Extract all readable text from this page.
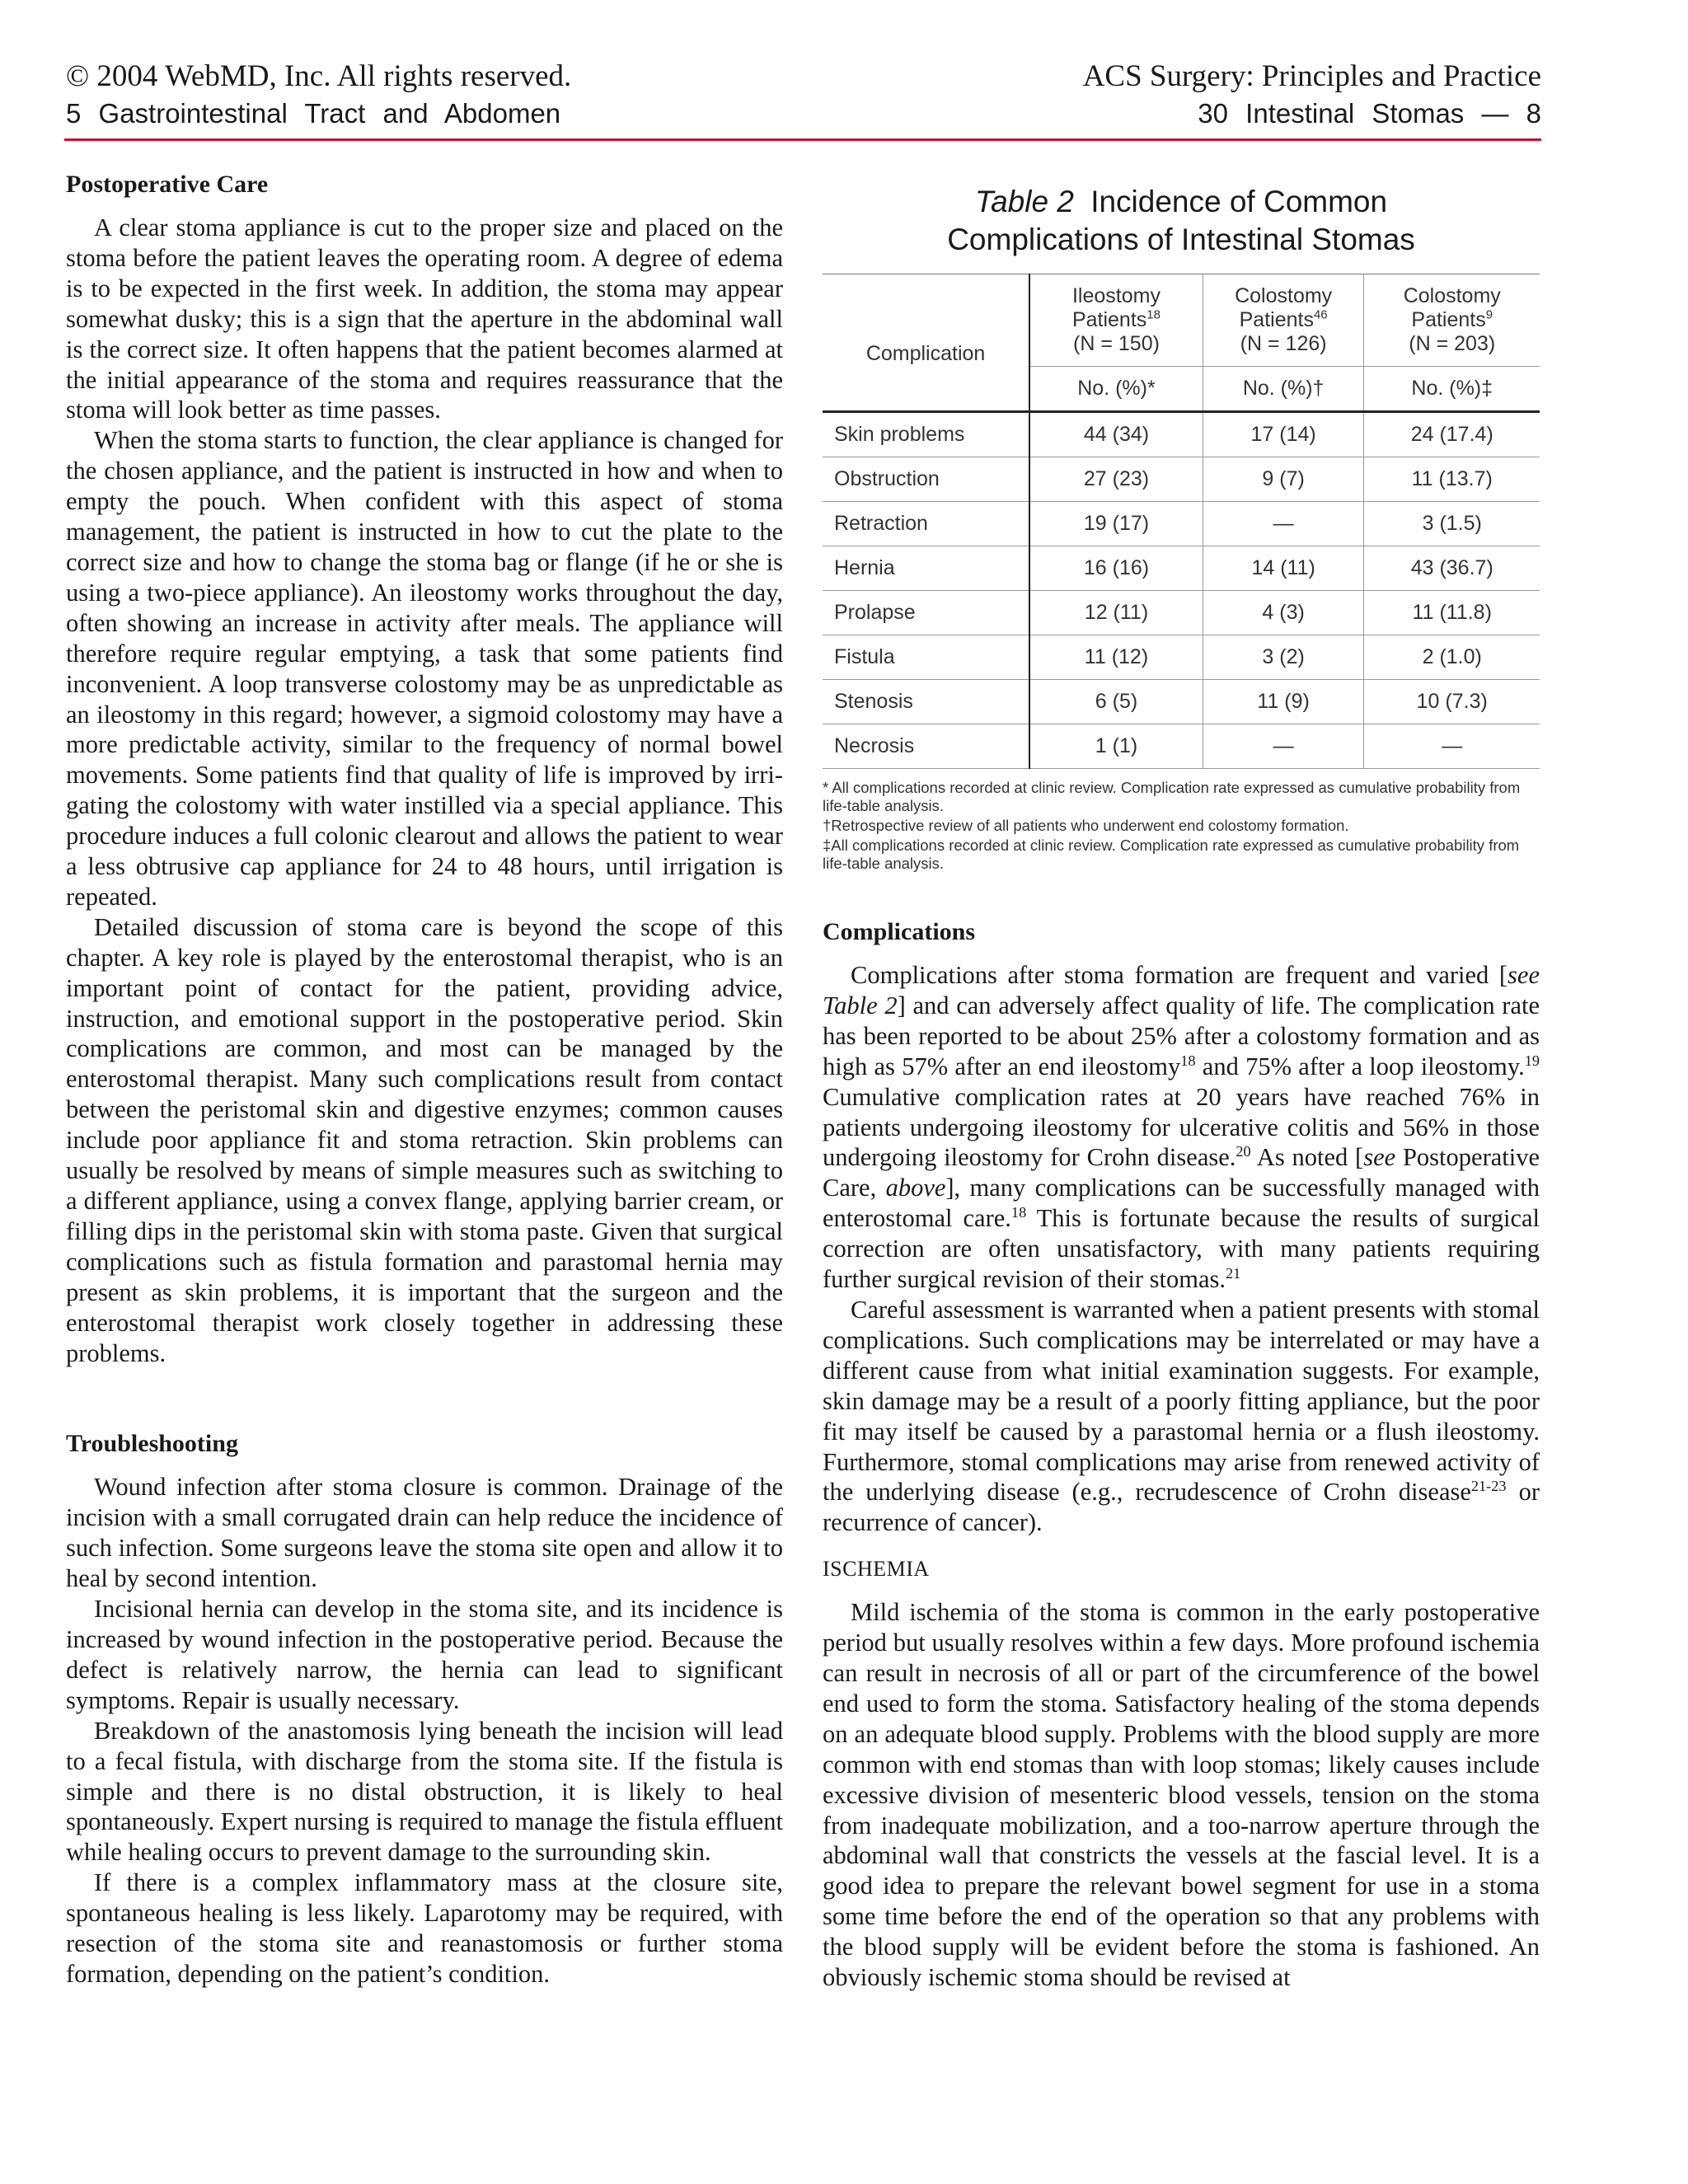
© 2004 WebMD, Inc. All rights reserved.
5 Gastrointestinal Tract and Abdomen
ACS Surgery: Principles and Practice
30 Intestinal Stomas — 8
Postoperative Care

A clear stoma appliance is cut to the proper size and placed on the stoma before the patient leaves the operating room. A degree of edema is to be expected in the first week. In addition, the stoma may appear somewhat dusky; this is a sign that the aperture in the abdominal wall is the correct size. It often happens that the patient becomes alarmed at the initial appearance of the stoma and requires reassurance that the stoma will look better as time passes.

When the stoma starts to function, the clear appliance is changed for the chosen appliance, and the patient is instructed in how and when to empty the pouch. When confident with this aspect of stoma management, the patient is instructed in how to cut the plate to the correct size and how to change the stoma bag or flange (if he or she is using a two-piece appliance). An ileostomy works throughout the day, often showing an increase in activity after meals. The appliance will therefore require regular emptying, a task that some patients find inconvenient. A loop transverse colostomy may be as unpredictable as an ileostomy in this regard; however, a sigmoid colostomy may have a more predictable activity, similar to the frequency of normal bowel movements. Some patients find that quality of life is improved by irrigating the colostomy with water instilled via a special appliance. This procedure induces a full colonic clearout and allows the patient to wear a less obtrusive cap appliance for 24 to 48 hours, until irrigation is repeated.

Detailed discussion of stoma care is beyond the scope of this chapter. A key role is played by the enterostomal therapist, who is an important point of contact for the patient, providing advice, instruction, and emotional support in the postoperative period. Skin complications are common, and most can be managed by the enterostomal therapist. Many such complications result from contact between the peristomal skin and digestive enzymes; common causes include poor appliance fit and stoma retraction. Skin problems can usually be resolved by means of simple measures such as switching to a different appliance, using a convex flange, applying barrier cream, or filling dips in the peristomal skin with stoma paste. Given that surgical complications such as fistula formation and parastomal hernia may present as skin problems, it is important that the surgeon and the enterostomal therapist work closely together in addressing these problems.

Troubleshooting

Wound infection after stoma closure is common. Drainage of the incision with a small corrugated drain can help reduce the incidence of such infection. Some surgeons leave the stoma site open and allow it to heal by second intention.

Incisional hernia can develop in the stoma site, and its incidence is increased by wound infection in the postoperative period. Because the defect is relatively narrow, the hernia can lead to significant symptoms. Repair is usually necessary.

Breakdown of the anastomosis lying beneath the incision will lead to a fecal fistula, with discharge from the stoma site. If the fistula is simple and there is no distal obstruction, it is likely to heal spontaneously. Expert nursing is required to manage the fistula effluent while healing occurs to prevent damage to the surrounding skin.

If there is a complex inflammatory mass at the closure site, spontaneous healing is less likely. Laparotomy may be required, with resection of the stoma site and reanastomosis or further stoma formation, depending on the patient’s condition.

Table 2 Incidence of Common
Complications of Intestinal Stomas
Complication	Ileostomy
Patients$^{18}$
(N = 150)	Colostomy
Patients$^{46}$
(N = 126)	Colostomy
Patients$^9$
(N = 203)
	No. (%)*	No. (%)†	No. (%)‡
Skin problems	44 (34)	17 (14)	24 (17.4)
Obstruction	27 (23)	9 (7)	11 (13.7)
Retraction	19 (17)	—	3 (1.5)
Hernia	16 (16)	14 (11)	43 (36.7)
Prolapse	12 (11)	4 (3)	11 (11.8)
Fistula	11 (12)	3 (2)	2 (1.0)
Stenosis	6 (5)	11 (9)	10 (7.3)
Necrosis	1 (1)	—	—
* All complications recorded at clinic review. Complication rate expressed as cumulative probability from life-table analysis.
†Retrospective review of all patients who underwent end colostomy formation.
‡All complications recorded at clinic review. Complication rate expressed as cumulative probability from life-table analysis.
Complications

Complications after stoma formation are frequent and varied [see Table 2] and can adversely affect quality of life. The complication rate has been reported to be about 25% after a colostomy formation and as high as 57% after an end ileostomy$^{18}$ and 75% after a loop ileostomy.$^{19}$ Cumulative complication rates at 20 years have reached 76% in patients undergoing ileostomy for ulcerative colitis and 56% in those undergoing ileostomy for Crohn disease.$^{20}$ As noted [see Postoperative Care, above], many complications can be successfully managed with enterostomal care.$^{18}$ This is fortunate because the results of surgical correction are often unsatisfactory, with many patients requiring further surgical revision of their stomas.$^{21}$

Careful assessment is warranted when a patient presents with stomal complications. Such complications may be interrelated or may have a different cause from what initial examination suggests. For example, skin damage may be a result of a poorly fitting appliance, but the poor fit may itself be caused by a parastomal hernia or a flush ileostomy. Furthermore, stomal complications may arise from renewed activity of the underlying disease (e.g., recrudescence of Crohn disease$^{21-23}$ or recurrence of cancer).

ISCHEMIA

Mild ischemia of the stoma is common in the early postoperative period but usually resolves within a few days. More profound ischemia can result in necrosis of all or part of the circumference of the bowel end used to form the stoma. Satisfactory healing of the stoma depends on an adequate blood supply. Problems with the blood supply are more common with end stomas than with loop stomas; likely causes include excessive division of mesenteric blood vessels, tension on the stoma from inadequate mobilization, and a too-narrow aperture through the abdominal wall that constricts the vessels at the fascial level. It is a good idea to prepare the relevant bowel segment for use in a stoma some time before the end of the operation so that any problems with the blood supply will be evident before the stoma is fashioned. An obviously ischemic stoma should be revised at
